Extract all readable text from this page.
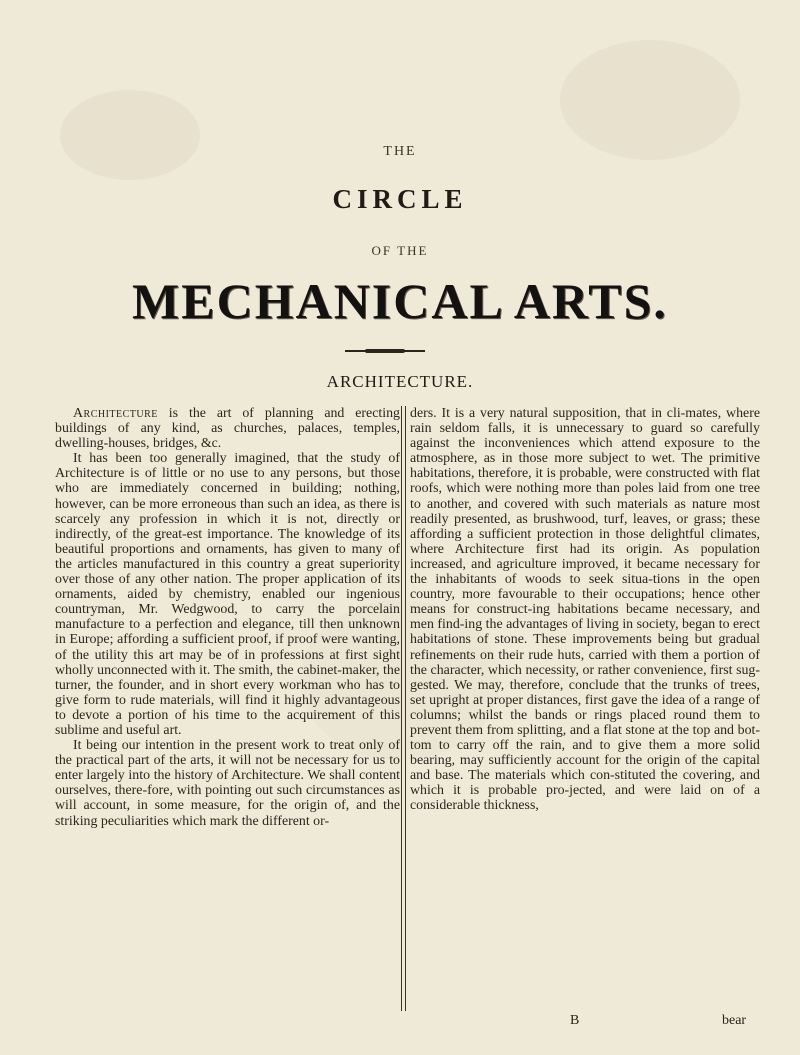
THE
CIRCLE
OF THE
MECHANICAL ARTS.
ARCHITECTURE.

Architecture is the art of planning and erecting buildings of any kind, as churches, palaces, temples, dwelling-houses, bridges, &c.

It has been too generally imagined, that the study of Architecture is of little or no use to any persons, but those who are immediately concerned in building; nothing, however, can be more erroneous than such an idea, as there is scarcely any profession in which it is not, directly or indirectly, of the great-est importance. The knowledge of its beautiful proportions and ornaments, has given to many of the articles manufactured in this country a great superiority over those of any other nation. The proper application of its ornaments, aided by chemistry, enabled our ingenious countryman, Mr. Wedgwood, to carry the porcelain manufacture to a perfection and elegance, till then unknown in Europe; affording a sufficient proof, if proof were wanting, of the utility this art may be of in professions at first sight wholly unconnected with it. The smith, the cabinet-maker, the turner, the founder, and in short every workman who has to give form to rude materials, will find it highly advantageous to devote a portion of his time to the acquirement of this sublime and useful art.

It being our intention in the present work to treat only of the practical part of the arts, it will not be necessary for us to enter largely into the history of Architecture. We shall content ourselves, there-fore, with pointing out such circumstances as will account, in some measure, for the origin of, and the striking peculiarities which mark the different or-

ders. It is a very natural supposition, that in cli-mates, where rain seldom falls, it is unnecessary to guard so carefully against the inconveniences which attend exposure to the atmosphere, as in those more subject to wet. The primitive habitations, therefore, it is probable, were constructed with flat roofs, which were nothing more than poles laid from one tree to another, and covered with such materials as nature most readily presented, as brushwood, turf, leaves, or grass; these affording a sufficient protection in those delightful climates, where Architecture first had its origin. As population increased, and agriculture improved, it became necessary for the inhabitants of woods to seek situa-tions in the open country, more favourable to their occupations; hence other means for construct-ing habitations became necessary, and men find-ing the advantages of living in society, began to erect habitations of stone. These improvements being but gradual refinements on their rude huts, carried with them a portion of the character, which necessity, or rather convenience, first sug-gested. We may, therefore, conclude that the trunks of trees, set upright at proper distances, first gave the idea of a range of columns; whilst the bands or rings placed round them to prevent them from splitting, and a flat stone at the top and bot-tom to carry off the rain, and to give them a more solid bearing, may sufficiently account for the origin of the capital and base. The materials which con-stituted the covering, and which it is probable pro-jected, and were laid on of a considerable thickness,

B	bear
